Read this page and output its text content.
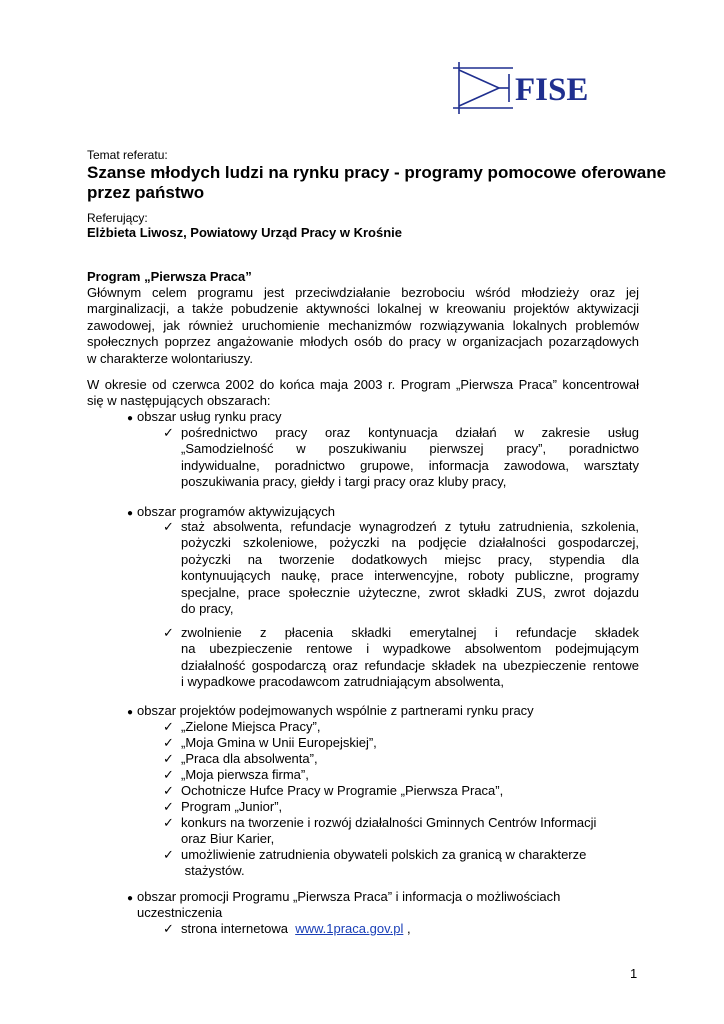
FISE
Temat referatu:
Szanse młodych ludzi na rynku pracy - programy pomocowe oferowane
przez państwo
Referujący:
Elżbieta Liwosz, Powiatowy Urząd Pracy w Krośnie
Program „Pierwsza Praca”
Głównym celem programu jest przeciwdziałanie bezrobociu wśród młodzieży oraz jej
marginalizacji, a także pobudzenie aktywności lokalnej w kreowaniu projektów aktywizacji
zawodowej, jak również uruchomienie mechanizmów rozwiązywania lokalnych problemów
społecznych poprzez angażowanie młodych osób do pracy w organizacjach pozarządowych
w charakterze wolontariuszy.
W okresie od czerwca 2002 do końca maja 2003 r. Program „Pierwsza Praca” koncentrował
się w następujących obszarach:
● obszar usług rynku pracy
✓ pośrednictwo pracy oraz kontynuacja działań w zakresie usług
„Samodzielność w poszukiwaniu pierwszej pracy”, poradnictwo
indywidualne, poradnictwo grupowe, informacja zawodowa, warsztaty
poszukiwania pracy, giełdy i targi pracy oraz kluby pracy,
● obszar programów aktywizujących
✓ staż absolwenta, refundacje wynagrodzeń z tytułu zatrudnienia, szkolenia,
pożyczki szkoleniowe, pożyczki na podjęcie działalności gospodarczej,
pożyczki na tworzenie dodatkowych miejsc pracy, stypendia dla
kontynuujących naukę, prace interwencyjne, roboty publiczne, programy
specjalne, prace społecznie użyteczne, zwrot składki ZUS, zwrot dojazdu
do pracy,
✓ zwolnienie z płacenia składki emerytalnej i refundacje składek
na ubezpieczenie rentowe i wypadkowe absolwentom podejmującym
działalność gospodarczą oraz refundacje składek na ubezpieczenie rentowe
i wypadkowe pracodawcom zatrudniającym absolwenta,
● obszar projektów podejmowanych wspólnie z partnerami rynku pracy
✓ „Zielone Miejsca Pracy”,
✓ „Moja Gmina w Unii Europejskiej”,
✓ „Praca dla absolwenta”,
✓ „Moja pierwsza firma”,
✓ Ochotnicze Hufce Pracy w Programie „Pierwsza Praca”,
✓ Program „Junior”,
✓ konkurs na tworzenie i rozwój działalności Gminnych Centrów Informacji
oraz Biur Karier,
✓ umożliwienie zatrudnienia obywateli polskich za granicą w charakterze
stażystów.
● obszar promocji Programu „Pierwsza Praca” i informacja o możliwościach
uczestniczenia
✓ strona internetowa www.1praca.gov.pl ,
1
